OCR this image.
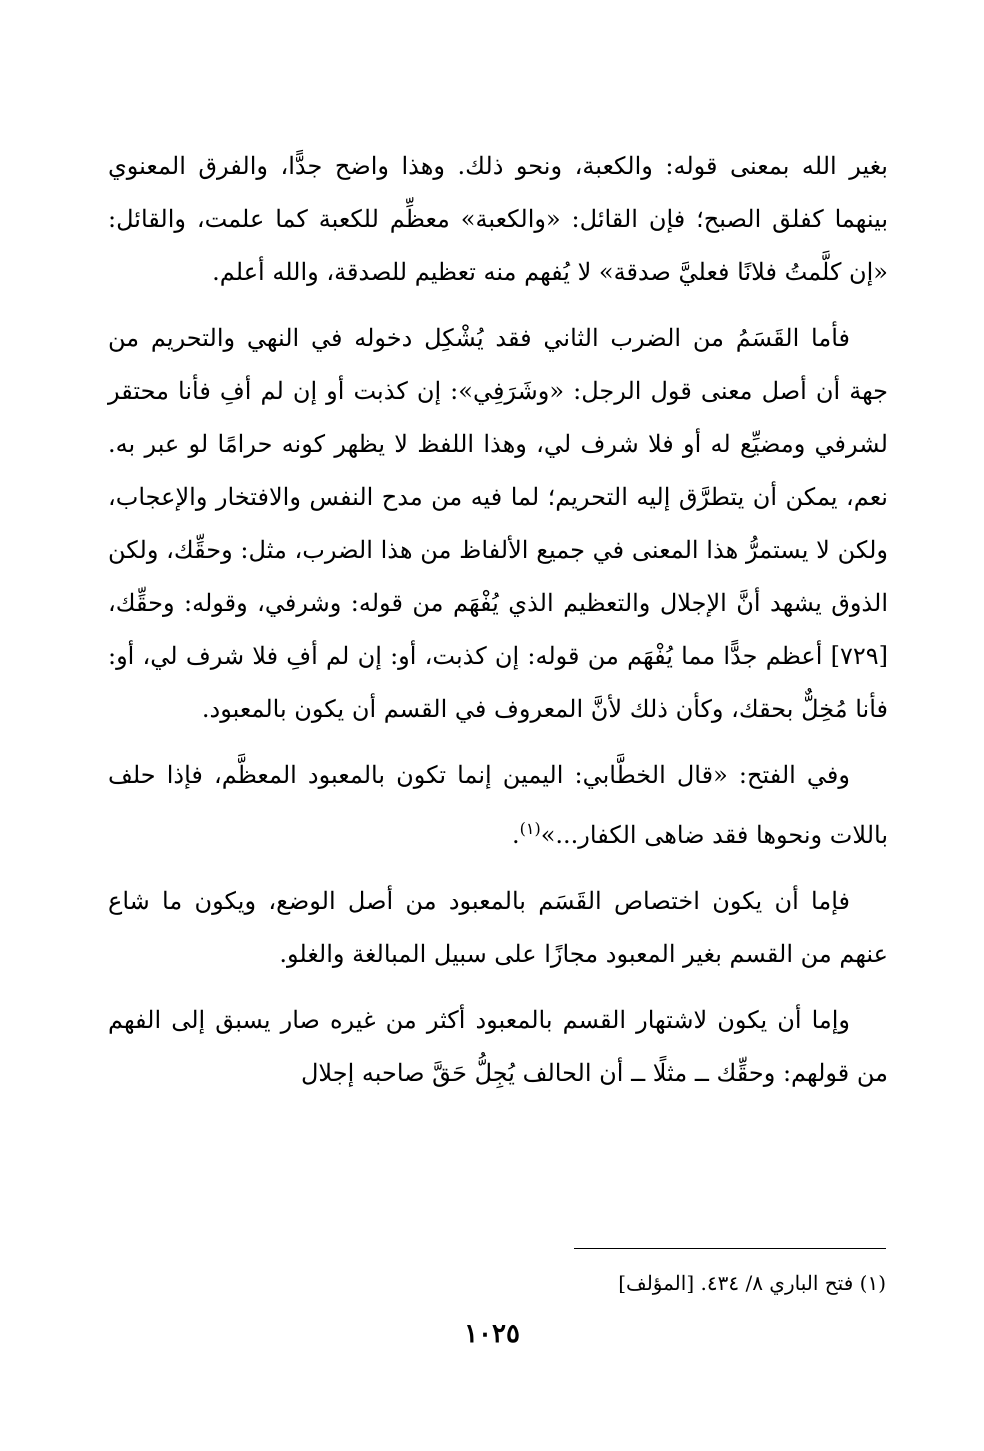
بغير الله بمعنى قوله: والكعبة، ونحو ذلك. وهذا واضح جدًّا، والفرق المعنوي بينهما كفلق الصبح؛ فإن القائل: «والكعبة» معظِّم للكعبة كما علمت، والقائل: «إن كلَّمتُ فلانًا فعليَّ صدقة» لا يُفهم منه تعظيم للصدقة، والله أعلم.

فأما القَسَمُ من الضرب الثاني فقد يُشْكِل دخوله في النهي والتحريم من جهة أن أصل معنى قول الرجل: «وشَرَفِي»: إن كذبت أو إن لم أفِ فأنا محتقر لشرفي ومضيِّع له أو فلا شرف لي، وهذا اللفظ لا يظهر كونه حرامًا لو عبر به. نعم، يمكن أن يتطرَّق إليه التحريم؛ لما فيه من مدح النفس والافتخار والإعجاب، ولكن لا يستمرُّ هذا المعنى في جميع الألفاظ من هذا الضرب، مثل: وحقِّك، ولكن الذوق يشهد أنَّ الإجلال والتعظيم الذي يُفْهَم من قوله: وشرفي، وقوله: وحقِّك، [٧٢٩] أعظم جدًّا مما يُفْهَم من قوله: إن كذبت، أو: إن لم أفِ فلا شرف لي، أو: فأنا مُخِلٌّ بحقك، وكأن ذلك لأنَّ المعروف في القسم أن يكون بالمعبود.

وفي الفتح: «قال الخطَّابي: اليمين إنما تكون بالمعبود المعظَّم، فإذا حلف باللات ونحوها فقد ضاهى الكفار...»$^{(١)}$.

فإما أن يكون اختصاص القَسَم بالمعبود من أصل الوضع، ويكون ما شاع عنهم من القسم بغير المعبود مجازًا على سبيل المبالغة والغلو.

وإما أن يكون لاشتهار القسم بالمعبود أكثر من غيره صار يسبق إلى الفهم من قولهم: وحقِّك ــ مثلًا ــ أن الحالف يُجِلُّ حَقَّ صاحبه إجلال

(١) فتح الباري ٨/ ٤٣٤. [المؤلف]
١٠٢٥
